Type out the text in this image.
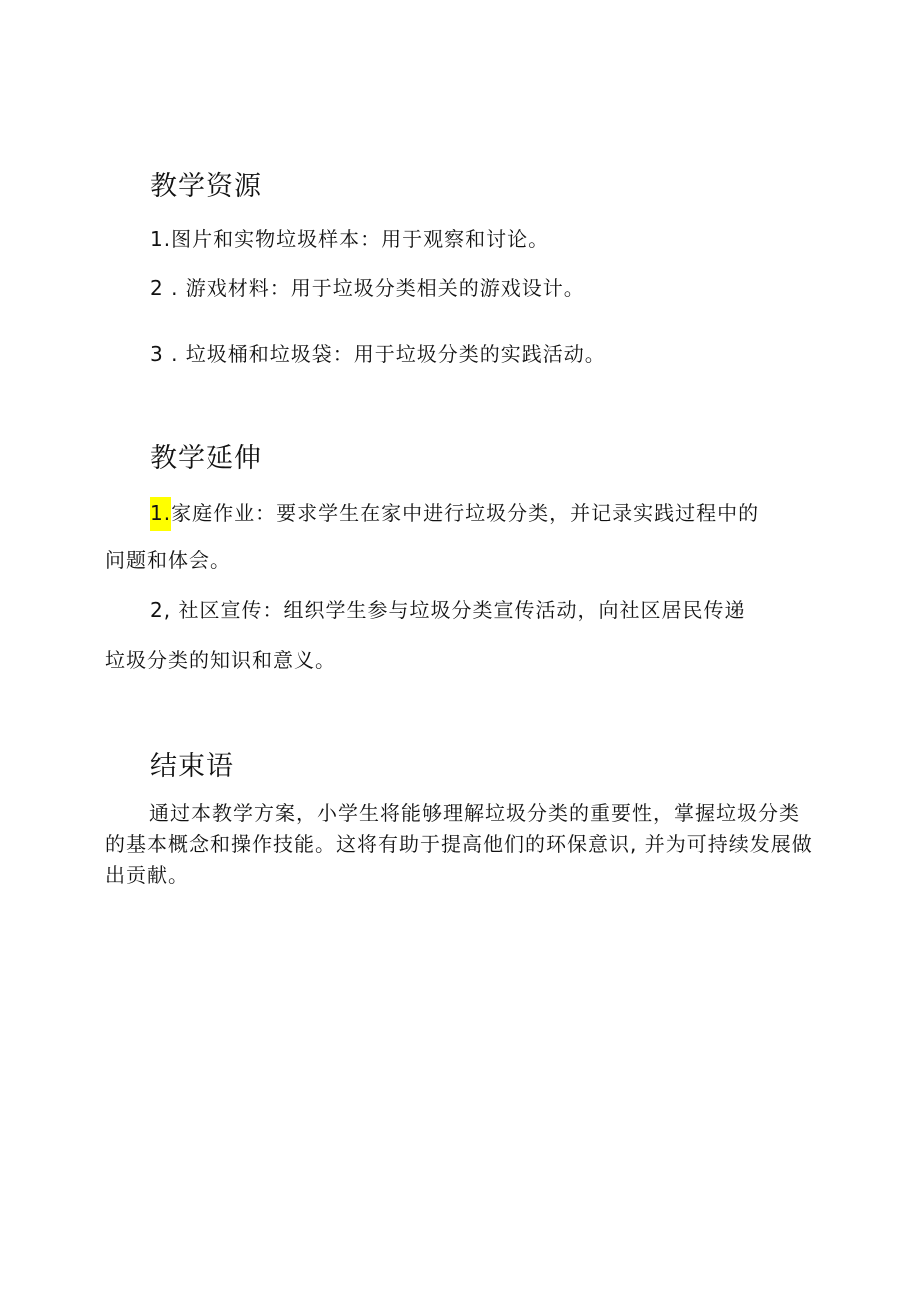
教学资源
1.图片和实物垃圾样本：用于观察和讨论。
2 . 游戏材料：用于垃圾分类相关的游戏设计。
3 . 垃圾桶和垃圾袋：用于垃圾分类的实践活动。
教学延伸
1.家庭作业：要求学生在家中进行垃圾分类，并记录实践过程中的
问题和体会。
2, 社区宣传：组织学生参与垃圾分类宣传活动，向社区居民传递
垃圾分类的知识和意义。
结束语

通过本教学方案，小学生将能够理解垃圾分类的重要性，掌握垃圾分类的基本概念和操作技能。这将有助于提高他们的环保意识, 并为可持续发展做出贡献。
